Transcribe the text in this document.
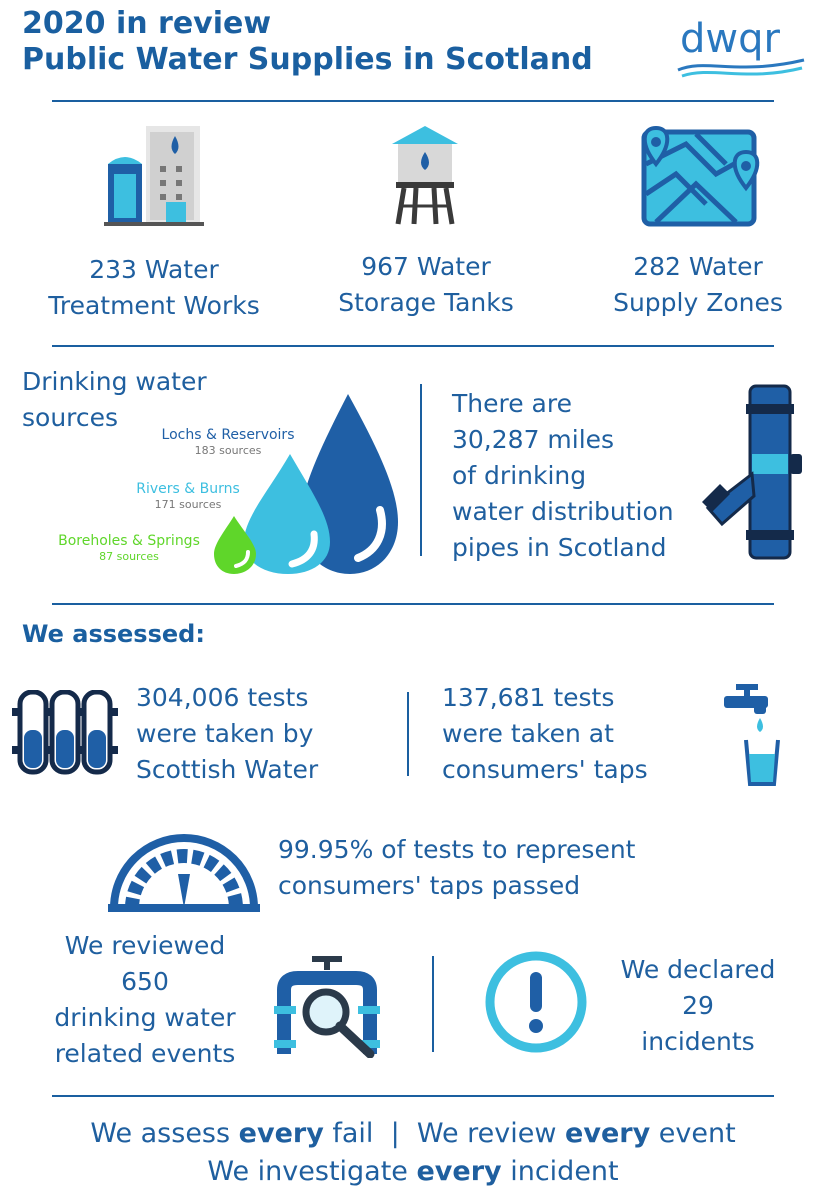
2020 in review
Public Water Supplies in Scotland dwqr
233 Water
Treatment Works
967 Water
Storage Tanks
282 Water
Supply Zones
Drinking water
sources
Lochs & Reservoirs
183 sources
Rivers & Burns
171 sources
Boreholes & Springs
87 sources
There are
30,287 miles
of drinking
water distribution
pipes in Scotland
We assessed:
304,006 tests
were taken by
Scottish Water
137,681 tests
were taken at
consumers' taps
99.95% of tests to represent
consumers' taps passed
We reviewed
650
drinking water
related events
We declared
29
incidents
We assess every fail  |  We review every event
We investigate every incident
